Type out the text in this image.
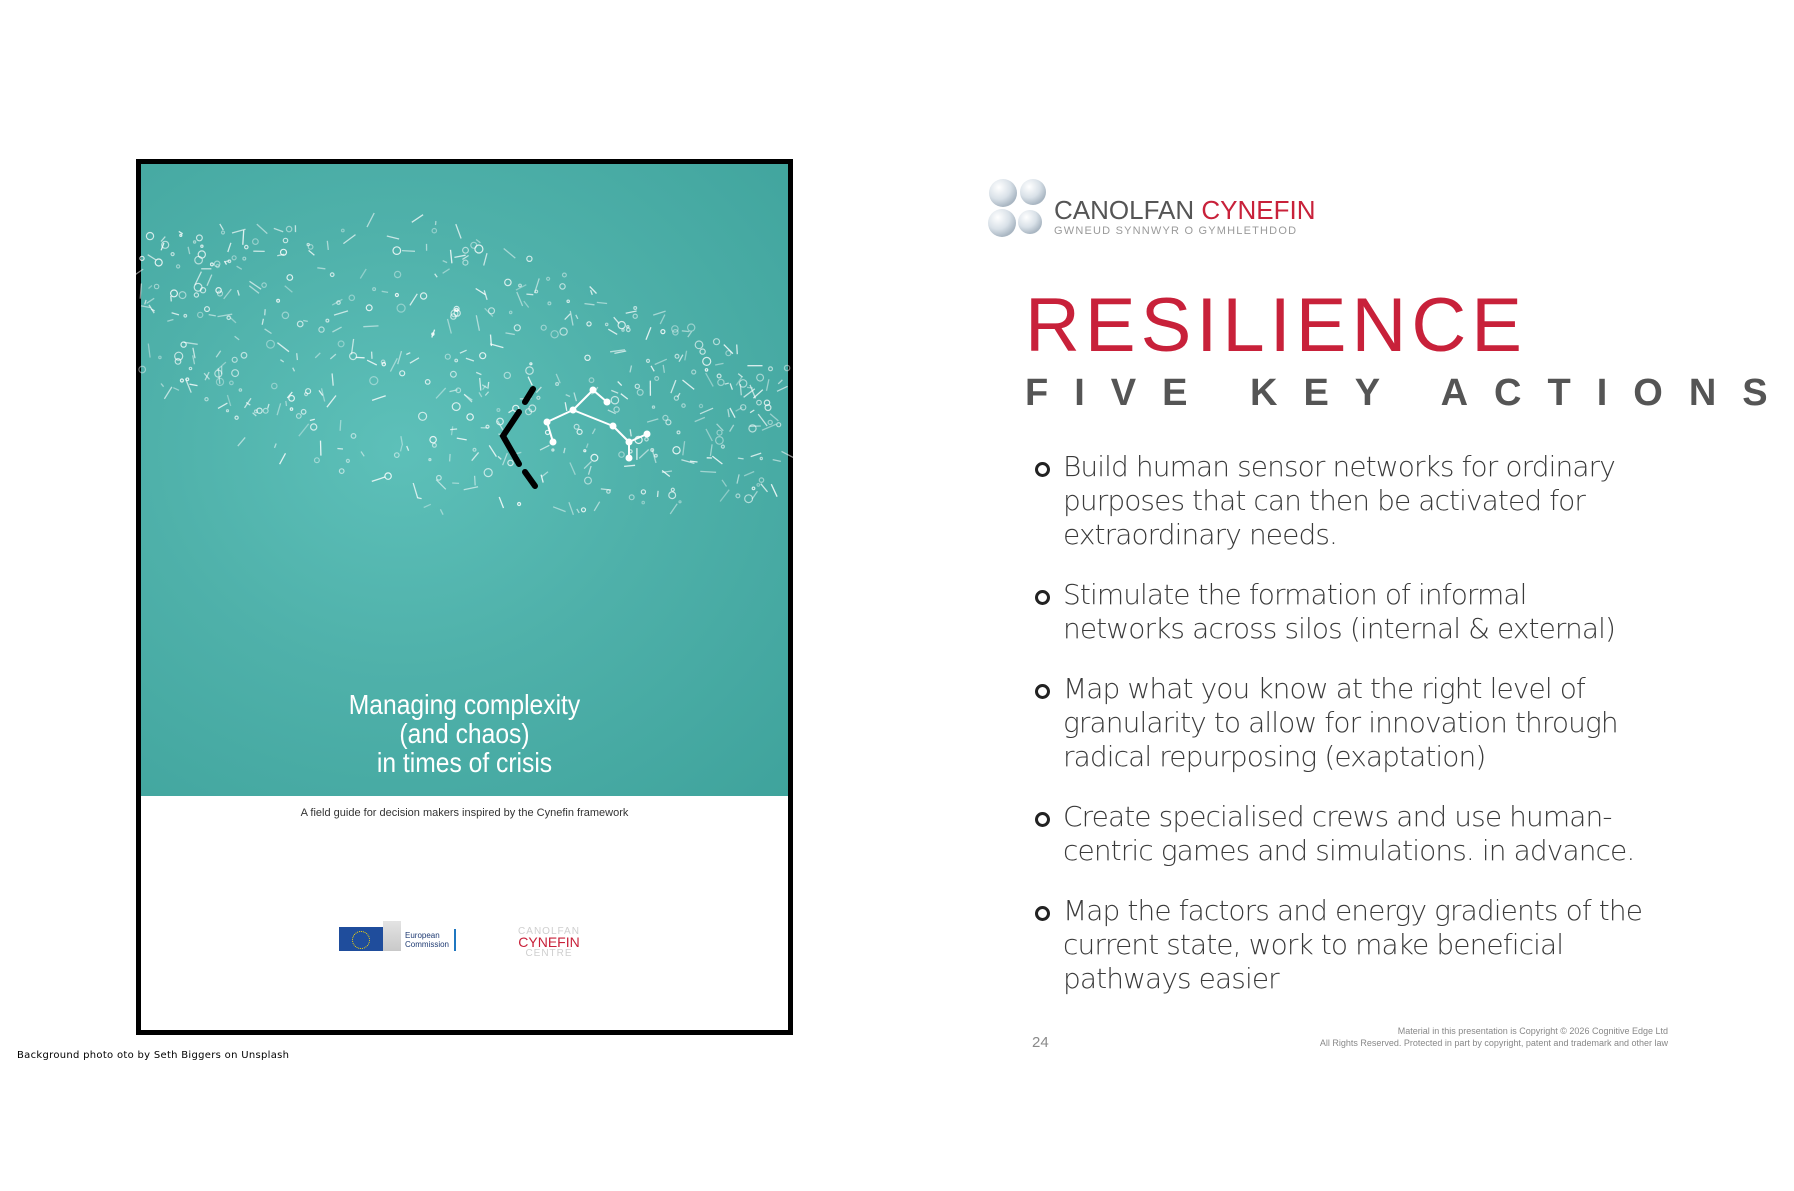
Managing complexity
(and chaos)
in times of crisis
A field guide for decision makers inspired by the Cynefin framework
European
Commission
CANOLFAN
CYNEFIN
CENTRE
Background photo oto by Seth Biggers on Unsplash
CANOLFAN CYNEFIN
GWNEUD SYNNWYR O GYMHLETHDOD
RESILIENCE
FIVE KEY ACTIONS
Build human sensor networks for ordinary purposes that can then be activated for extraordinary needs.
Stimulate the formation of informal networks across silos (internal & external)
Map what you know at the right level of granularity to allow for innovation through radical repurposing (exaptation)
Create specialised crews and use human-centric games and simulations. in advance.
Map the factors and energy gradients of the current state, work to make beneficial pathways easier
24
Material in this presentation is Copyright © 2026 Cognitive Edge Ltd
All Rights Reserved. Protected in part by copyright, patent and trademark and other law
